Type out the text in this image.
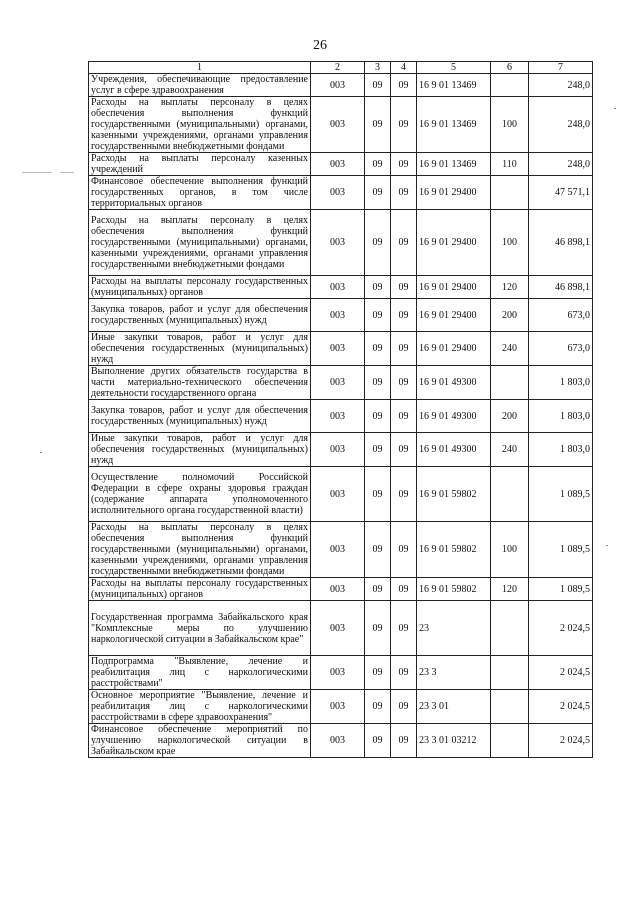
26
1	2	3	4	5	6	7
Учреждения, обеспечивающие предоставление услуг в сфере здравоохранения	003	09	09	16 9 01 13469		248,0
Расходы на выплаты персоналу в целях обеспечения выполнения функций государственными (муниципальными) органами, казенными учреждениями, органами управления государственными внебюджетными фондами	003	09	09	16 9 01 13469	100	248,0
Расходы на выплаты персоналу казенных учреждений	003	09	09	16 9 01 13469	110	248,0
Финансовое обеспечение выполнения функций государственных органов, в том числе территориальных органов	003	09	09	16 9 01 29400		47 571,1
Расходы на выплаты персоналу в целях обеспечения выполнения функций государственными (муниципальными) органами, казенными учреждениями, органами управления государственными внебюджетными фондами	003	09	09	16 9 01 29400	100	46 898,1
Расходы на выплаты персоналу государственных (муниципальных) органов	003	09	09	16 9 01 29400	120	46 898,1
Закупка товаров, работ и услуг для обеспечения государственных (муниципальных) нужд	003	09	09	16 9 01 29400	200	673,0
Иные закупки товаров, работ и услуг для обеспечения государственных (муниципальных) нужд	003	09	09	16 9 01 29400	240	673,0
Выполнение других обязательств государства в части материально-технического обеспечения деятельности государственного органа	003	09	09	16 9 01 49300		1 803,0
Закупка товаров, работ и услуг для обеспечения государственных (муниципальных) нужд	003	09	09	16 9 01 49300	200	1 803,0
Иные закупки товаров, работ и услуг для обеспечения государственных (муниципальных) нужд	003	09	09	16 9 01 49300	240	1 803,0
Осуществление полномочий Российской Федерации в сфере охраны здоровья граждан (содержание аппарата уполномоченного исполнительного органа государственной власти)	003	09	09	16 9 01 59802		1 089,5
Расходы на выплаты персоналу в целях обеспечения выполнения функций государственными (муниципальными) органами, казенными учреждениями, органами управления государственными внебюджетными фондами	003	09	09	16 9 01 59802	100	1 089,5
Расходы на выплаты персоналу государственных (муниципальных) органов	003	09	09	16 9 01 59802	120	1 089,5
Государственная программа Забайкальского края "Комплексные меры по улучшению наркологической ситуации в Забайкальском крае"	003	09	09	23		2 024,5
Подпрограмма "Выявление, лечение и реабилитация лиц с наркологическими расстройствами"	003	09	09	23 3		2 024,5
Основное мероприятие "Выявление, лечение и реабилитация лиц с наркологическими расстройствами в сфере здравоохранения"	003	09	09	23 3 01		2 024,5
Финансовое обеспечение мероприятий по улучшению наркологической ситуации в Забайкальском крае	003	09	09	23 3 01 03212		2 024,5
